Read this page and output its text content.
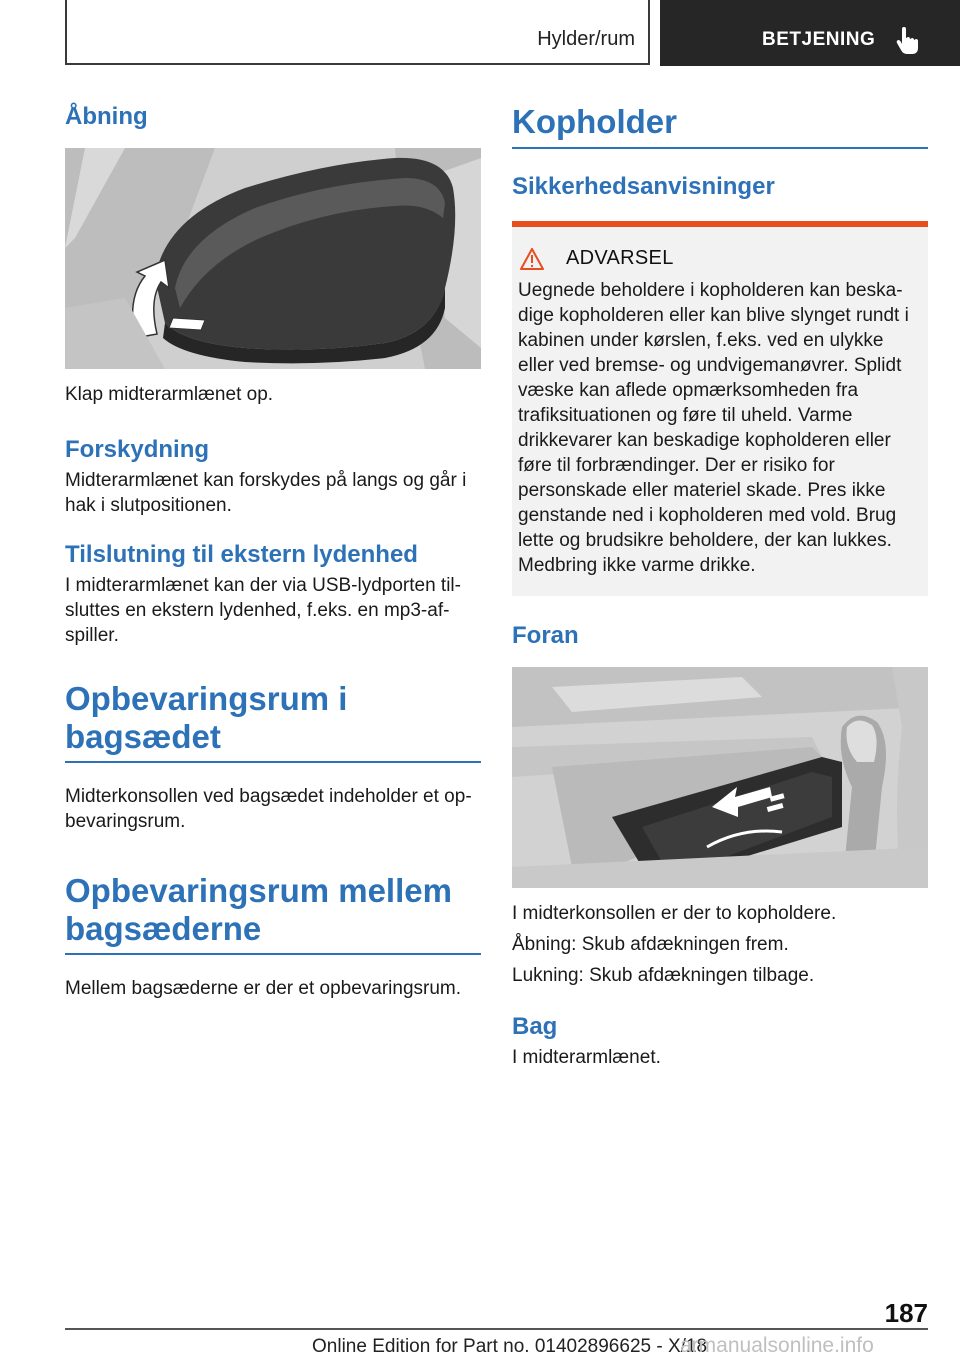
Hylder/rum	BETJENING
Åbning

Klap midterarmlænet op.

Forskydning

Midterarmlænet kan forskydes på langs og går i hak i slutpositionen.

Tilslutning til ekstern lydenhed

I midterarmlænet kan der via USB-lydporten tilsluttes en ekstern lydenhed, f.eks. en mp3-afspiller.

Opbevaringsrum i bagsædet

Midterkonsollen ved bagsædet indeholder et opbevaringsrum.

Opbevaringsrum mellem bagsæderne

Mellem bagsæderne er der et opbevaringsrum.

Kopholder
Sikkerhedsanvisninger
ADVARSEL
Uegnede beholdere i kopholderen kan beskadige kopholderen eller kan blive slynget rundt i kabinen under kørslen, f.eks. ved en ulykke eller ved bremse- og undvigemanøvrer. Splidt væske kan aflede opmærksomheden fra trafiksituationen og føre til uheld. Varme drikkevarer kan beskadige kopholderen eller føre til forbrændinger. Der er risiko for personskade eller materiel skade. Pres ikke genstande ned i kopholderen med vold. Brug lette og brudsikre beholdere, der kan lukkes. Medbring ikke varme drikke.
Foran

I midterkonsollen er der to kopholdere.

Åbning: Skub afdækningen frem.

Lukning: Skub afdækningen tilbage.

Bag

I midterarmlænet.

187
Online Edition for Part no. 01402896625 - X/18
armanualsonline.info
